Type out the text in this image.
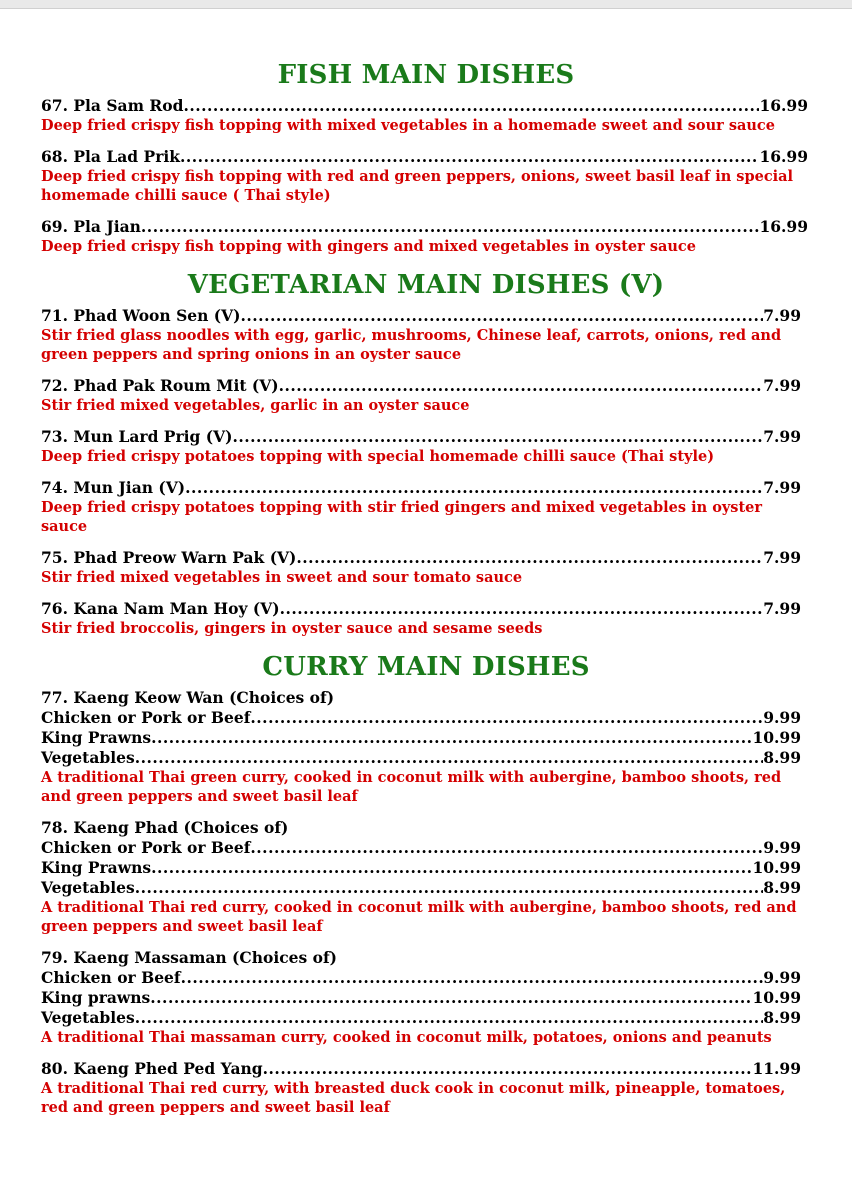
FISH MAIN DISHES
67. Pla Sam Rod .....	16.99
Deep fried crispy fish topping with mixed vegetables in a homemade sweet and sour sauce
68. Pla Lad Prik .....	16.99
Deep fried crispy fish topping with red and green peppers, onions, sweet basil leaf in special homemade chilli sauce ( Thai style)
69. Pla Jian .....	16.99
Deep fried crispy fish topping with gingers and mixed vegetables in oyster sauce
VEGETARIAN MAIN DISHES (V)
71. Phad Woon Sen (V) .....	7.99
Stir fried glass noodles with egg, garlic, mushrooms, Chinese leaf, carrots, onions, red and green peppers and spring onions in an oyster sauce
72. Phad Pak Roum Mit (V) .....	7.99
Stir fried mixed vegetables, garlic in an oyster sauce
73. Mun Lard Prig (V) .....	7.99
Deep fried crispy potatoes topping with special homemade chilli sauce (Thai style)
74. Mun Jian (V) .....	7.99
Deep fried crispy potatoes topping with stir fried gingers and mixed vegetables in oyster sauce
75. Phad Preow Warn Pak (V) .....	7.99
Stir fried mixed vegetables in sweet and sour tomato sauce
76. Kana Nam Man Hoy (V) .....	7.99
Stir fried broccolis, gingers in oyster sauce and sesame seeds
CURRY MAIN DISHES
77. Kaeng Keow Wan (Choices of)
Chicken or Pork or Beef .....	9.99
King Prawns .....	10.99
Vegetables .....	8.99
A traditional Thai green curry, cooked in coconut milk with aubergine, bamboo shoots, red and green peppers and sweet basil leaf
78. Kaeng Phad (Choices of)
Chicken or Pork or Beef .....	9.99
King Prawns .....	10.99
Vegetables .....	8.99
A traditional Thai red curry, cooked in coconut milk with aubergine, bamboo shoots, red and green peppers and sweet basil leaf
79. Kaeng Massaman (Choices of)
Chicken or Beef .....	9.99
King prawns .....	10.99
Vegetables .....	8.99
A traditional Thai massaman curry, cooked in coconut milk, potatoes, onions and peanuts
80. Kaeng Phed Ped Yang .....	11.99
A traditional Thai red curry, with breasted duck cook in coconut milk, pineapple, tomatoes, red and green peppers and sweet basil leaf
